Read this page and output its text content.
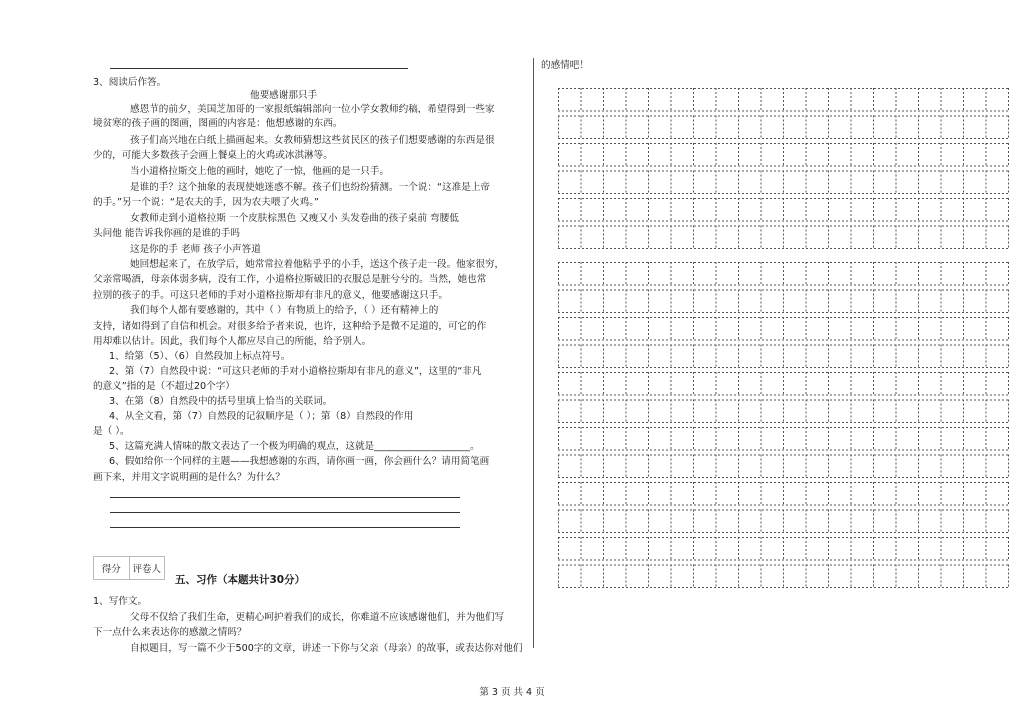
3、阅读后作答。
他要感谢那只手
感恩节的前夕，美国芝加哥的一家报纸编辑部向一位小学女教师约稿，希望得到一些家
境贫寒的孩子画的图画，图画的内容是：他想感谢的东西。
孩子们高兴地在白纸上描画起来。女教师猜想这些贫民区的孩子们想要感谢的东西是很
少的，可能大多数孩子会画上餐桌上的火鸡或冰淇淋等。
当小道格拉斯交上他的画时，她吃了一惊，他画的是一只手。
是谁的手？这个抽象的表现使她迷惑不解。孩子们也纷纷猜测。一个说：“这准是上帝
的手。”另一个说：“是农夫的手，因为农夫喂了火鸡。”
女教师走到小道格拉斯 一个皮肤棕黑色 又瘦又小 头发卷曲的孩子桌前 弯腰低
头问他 能告诉我你画的是谁的手吗
这是你的手 老师 孩子小声答道
她回想起来了，在放学后，她常常拉着他粘乎乎的小手，送这个孩子走一段。他家很穷，
父亲常喝酒，母亲体弱多病，没有工作，小道格拉斯破旧的衣服总是脏兮兮的。当然，她也常
拉别的孩子的手。可这只老师的手对小道格拉斯却有非凡的意义，他要感谢这只手。
我们每个人都有要感谢的，其中（ ）有物质上的给予，（ ）还有精神上的
支持，诸如得到了自信和机会。对很多给予者来说，也许，这种给予是微不足道的，可它的作
用却难以估计。因此，我们每个人都应尽自己的所能，给予别人。
1、给第（5）、（6）自然段加上标点符号。
2、第（7）自然段中说：“可这只老师的手对小道格拉斯却有非凡的意义”，这里的“非凡
的意义”指的是（不超过20个字）
3、在第（8）自然段中的括号里填上恰当的关联词。
4、从全文看，第（7）自然段的记叙顺序是（ ）；第（8）自然段的作用
是（ ）。
5、这篇充满人情味的散文表达了一个极为明确的观点，这就是____________________。
6、假如给你一个同样的主题——我想感谢的东西，请你画一画，你会画什么？请用简笔画
画下来，并用文字说明画的是什么？为什么？
得分	评卷人
五、习作（本题共计30分）
1、写作文。
父母不仅给了我们生命，更精心呵护着我们的成长，你难道不应该感谢他们，并为他们写
下一点什么来表达你的感激之情吗？
自拟题目，写一篇不少于500字的文章，讲述一下你与父亲（母亲）的故事，或表达你对他们
的感情吧！
第 3 页 共 4 页
